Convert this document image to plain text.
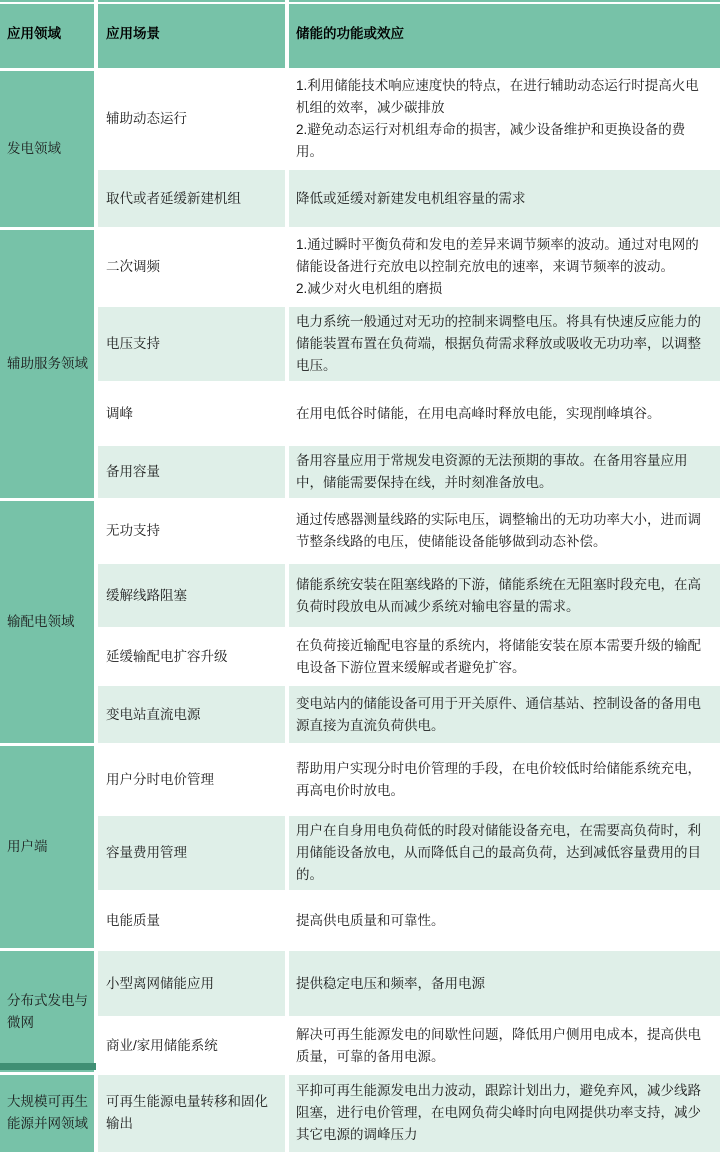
应用领域	应用场景	储能的功能或效应
发电领域	辅助动态运行	1.利用储能技术响应速度快的特点，在进行辅助动态运行时提高火电机组的效率，减少碳排放
2.避免动态运行对机组寿命的损害，减少设备维护和更换设备的费用。

	取代或者延缓新建机组	降低或延缓对新建发电机组容量的需求

辅助服务领域	二次调频	1.通过瞬时平衡负荷和发电的差异来调节频率的波动。通过对电网的储能设备进行充放电以控制充放电的速率，来调节频率的波动。
2.减少对火电机组的磨损

	电压支持	电力系统一般通过对无功的控制来调整电压。将具有快速反应能力的储能装置布置在负荷端，根据负荷需求释放或吸收无功功率，以调整电压。

	调峰	在用电低谷时储能，在用电高峰时释放电能，实现削峰填谷。

	备用容量	备用容量应用于常规发电资源的无法预期的事故。在备用容量应用中，储能需要保持在线，并时刻准备放电。

输配电领域	无功支持	通过传感器测量线路的实际电压，调整输出的无功功率大小，进而调节整条线路的电压，使储能设备能够做到动态补偿。

	缓解线路阻塞	储能系统安装在阻塞线路的下游，储能系统在无阻塞时段充电，在高负荷时段放电从而减少系统对输电容量的需求。

	延缓输配电扩容升级	在负荷接近输配电容量的系统内，将储能安装在原本需要升级的输配电设备下游位置来缓解或者避免扩容。

	变电站直流电源	变电站内的储能设备可用于开关原件、通信基站、控制设备的备用电源直接为直流负荷供电。

用户端	用户分时电价管理	帮助用户实现分时电价管理的手段，在电价较低时给储能系统充电，再高电价时放电。

	容量费用管理	用户在自身用电负荷低的时段对储能设备充电，在需要高负荷时，利用储能设备放电，从而降低自己的最高负荷，达到减低容量费用的目的。

	电能质量	提高供电质量和可靠性。

分布式发电与微网	小型离网储能应用	提供稳定电压和频率，备用电源

	商业/家用储能系统	解决可再生能源发电的间歇性问题，降低用户侧用电成本，提高供电质量，可靠的备用电源。

大规模可再生能源并网领域	可再生能源电量转移和固化输出	平抑可再生能源发电出力波动，跟踪计划出力，避免弃风，减少线路阻塞，进行电价管理，在电网负荷尖峰时向电网提供功率支持，减少其它电源的调峰压力
